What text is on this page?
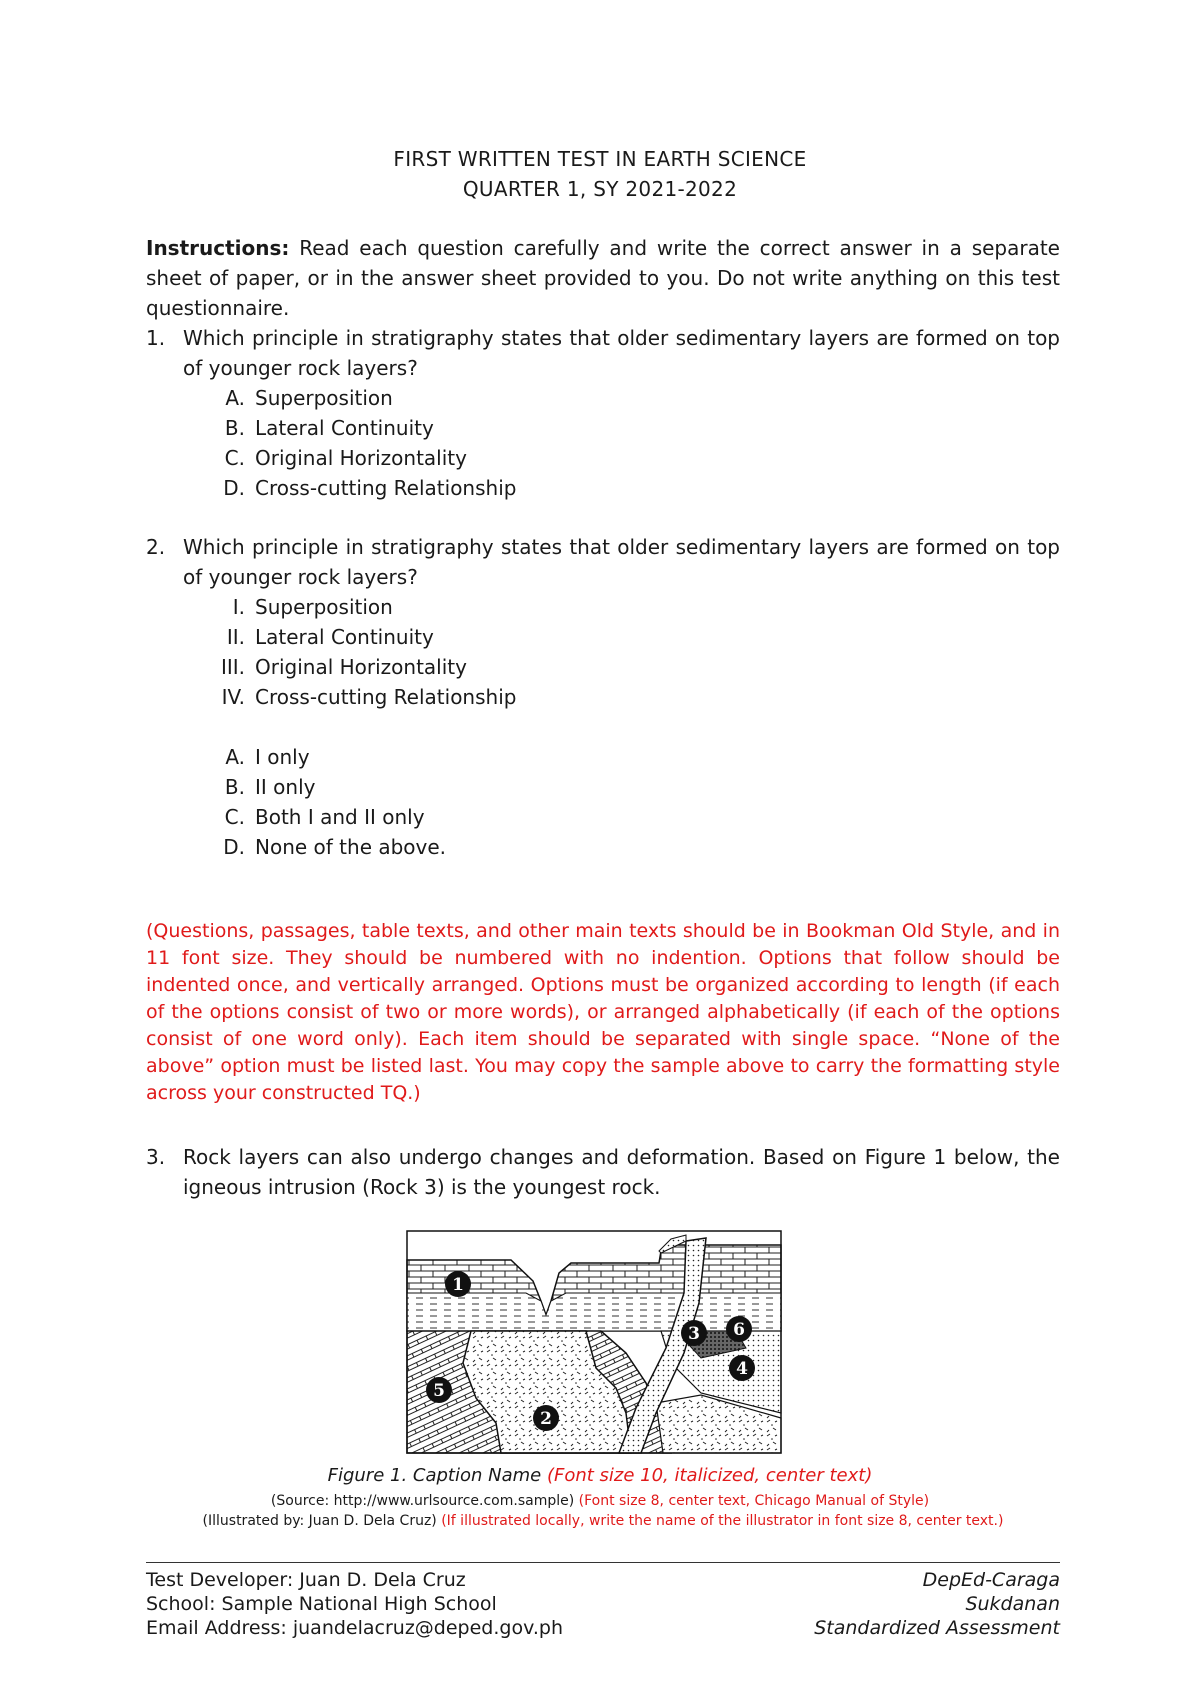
FIRST WRITTEN TEST IN EARTH SCIENCE
QUARTER 1, SY 2021-2022
Instructions: Read each question carefully and write the correct answer in a separate sheet of paper, or in the answer sheet provided to you. Do not write anything on this test questionnaire.
1. Which principle in stratigraphy states that older sedimentary layers are formed on top of younger rock layers?
A. Superposition
B. Lateral Continuity
C. Original Horizontality
D. Cross-cutting Relationship
2. Which principle in stratigraphy states that older sedimentary layers are formed on top of younger rock layers?
I. Superposition
II. Lateral Continuity
III. Original Horizontality
IV. Cross-cutting Relationship
A. I only
B. II only
C. Both I and II only
D. None of the above.
(Questions, passages, table texts, and other main texts should be in Bookman Old Style, and in 11 font size. They should be numbered with no indention. Options that follow should be indented once, and vertically arranged. Options must be organized according to length (if each of the options consist of two or more words), or arranged alphabetically (if each of the options consist of one word only). Each item should be separated with single space. “None of the above” option must be listed last. You may copy the sample above to carry the formatting style across your constructed TQ.)
3. Rock layers can also undergo changes and deformation. Based on Figure 1 below, the igneous intrusion (Rock 3) is the youngest rock.
1
2
3
4
5
6
Figure 1. Caption Name (Font size 10, italicized, center text)
(Source: http://www.urlsource.com.sample) (Font size 8, center text, Chicago Manual of Style)
(Illustrated by: Juan D. Dela Cruz) (If illustrated locally, write the name of the illustrator in font size 8, center text.)
Test Developer: Juan D. Dela Cruz
School: Sample National High School
Email Address: juandelacruz@deped.gov.ph
DepEd-Caraga
Sukdanan
Standardized Assessment
